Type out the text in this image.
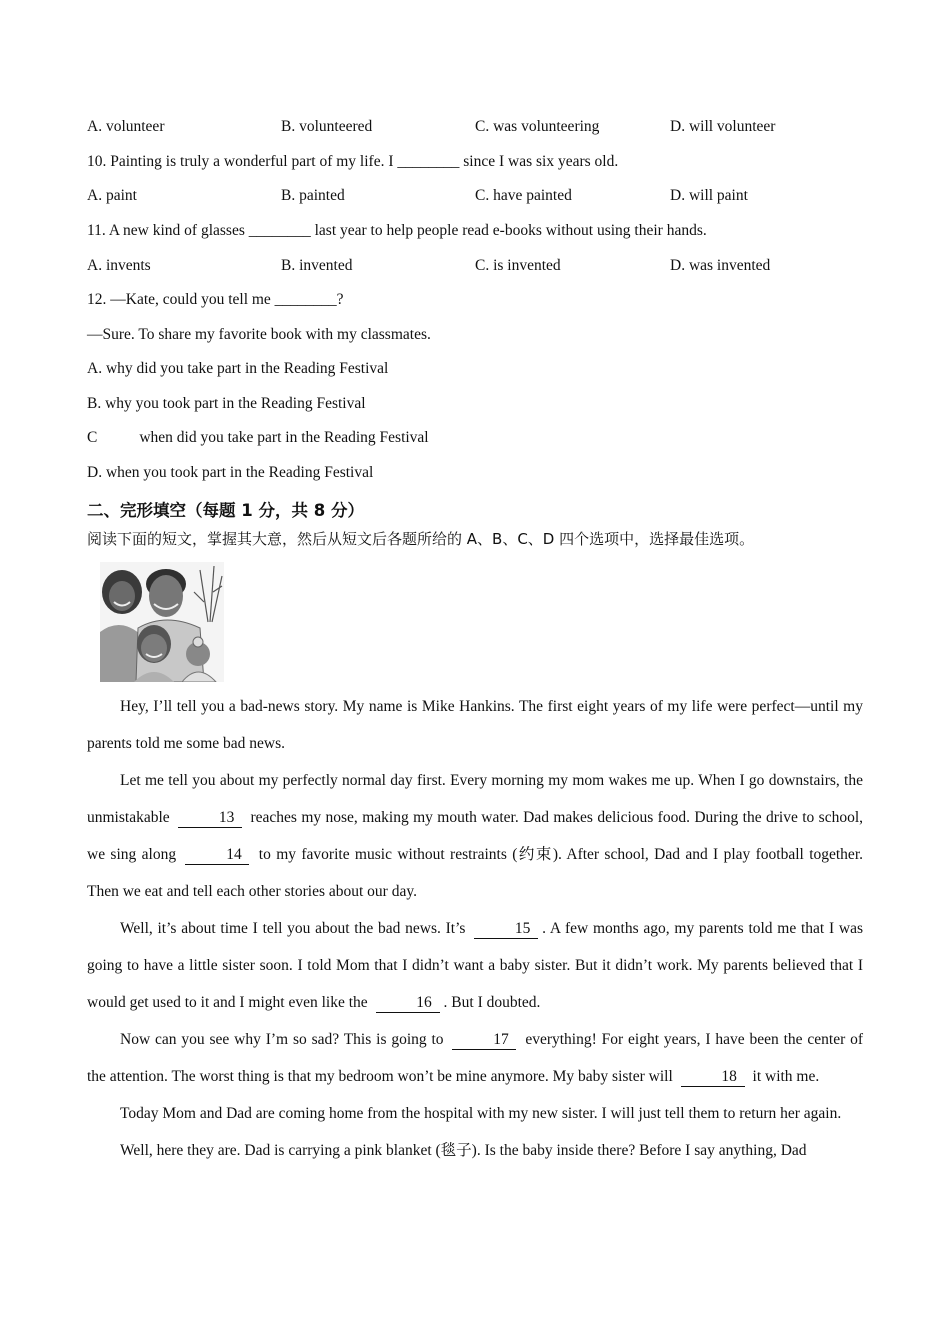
A. volunteer	B. volunteered	C. was volunteering	D. will volunteer
10. Painting is truly a wonderful part of my life. I ________ since I was six years old.
A. paint	B. painted	C. have painted	D. will paint
11. A new kind of glasses ________ last year to help people read e-books without using their hands.
A. invents	B. invented	C. is invented	D. was invented
12. —Kate, could you tell me ________?
—Sure. To share my favorite book with my classmates.
A. why did you take part in the Reading Festival
B. why you took part in the Reading Festival
C	when did you take part in the Reading Festival
D. when you took part in the Reading Festival
二、完形填空（每题 1 分，共 8 分）
阅读下面的短文，掌握其大意，然后从短文后各题所给的 A、B、C、D 四个选项中，选择最佳选项。

Hey, I’ll tell you a bad-news story. My name is Mike Hankins. The first eight years of my life were perfect—until my parents told me some bad news.

Let me tell you about my perfectly normal day first. Every morning my mom wakes me up. When I go downstairs, the unmistakable	13 reaches my nose, making my mouth water. Dad makes delicious food. During the drive to school, we sing along	14 to my favorite music without restraints (约束). After school, Dad and I play football together. Then we eat and tell each other stories about our day.

Well, it’s about time I tell you about the bad news. It’s	15 . A few months ago, my parents told me that I was going to have a little sister soon. I told Mom that I didn’t want a baby sister. But it didn’t work. My parents believed that I would get used to it and I might even like the	16 . But I doubted.

Now can you see why I’m so sad? This is going to	17 everything! For eight years, I have been the center of the attention. The worst thing is that my bedroom won’t be mine anymore. My baby sister will	18 it with me.

Today Mom and Dad are coming home from the hospital with my new sister. I will just tell them to return her again.

Well, here they are. Dad is carrying a pink blanket (毯子). Is the baby inside there? Before I say anything, Dad
